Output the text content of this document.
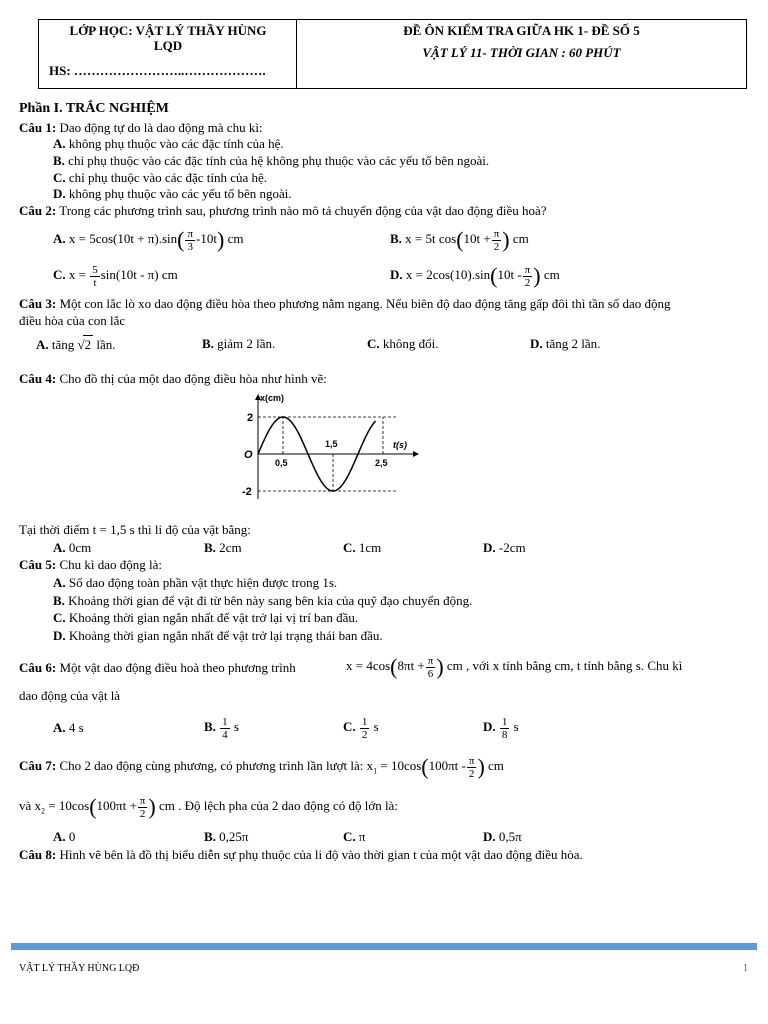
LỚP HỌC: VẬT LÝ THẦY HÙNG
LQD
HS: ……………………..……………….
ĐỀ ÔN KIỂM TRA GIỮA HK 1- ĐỀ SỐ 5
VẬT LÝ 11- THỜI GIAN : 60 PHÚT
Phần I. TRẮC NGHIỆM
Câu 1: Dao động tự do là dao động mà chu kì:
A. không phụ thuộc vào các đặc tính của hệ.
B. chỉ phụ thuộc vào các đặc tính của hệ không phụ thuộc vào các yếu tố bên ngoài.
C. chỉ phụ thuộc vào các đặc tính của hệ.
D. không phụ thuộc vào các yếu tố bên ngoài.
Câu 2: Trong các phương trình sau, phương trình nào mô tả chuyển động của vật dao động điều hoà?
A. $x = 5\cos(10t + \pi).\sin( \frac{\pi}{3} -10t)$ cm	B. x = 5t $\cos(10t + \frac{\pi}{2}$ ) cm
C. $x = \frac{5}{t} \sin(10t - \pi)$ cm	D. $x = 2\cos(10).\sin(10t - \frac{\pi}{2}$ ) cm
Câu 3: Một con lắc lò xo dao động điều hòa theo phương nằm ngang. Nếu biên độ dao động tăng gấp đôi thì tần số dao động
điều hòa của con lắc
A. tăng √2 lần.	B. giảm 2 lần.	C. không đổi.	D. tăng 2 lần.
Câu 4: Cho đồ thị của một dao động điều hòa như hình vẽ:
x(cm)
t(s)
O
2
-2
0,5
1,5
2,5
Tại thời điểm t = 1,5 s thì li độ của vật bằng:
A. 0cm	B. 2cm	C. 1cm	D. -2cm
Câu 5: Chu kì dao động là:
A. Số dao động toàn phần vật thực hiện được trong 1s.
B. Khoảng thời gian để vật đi từ bên này sang bên kia của quỹ đạo chuyển động.
C. Khoảng thời gian ngắn nhất để vật trở lại vị trí ban đầu.
D. Khoảng thời gian ngắn nhất để vật trở lại trạng thái ban đầu.
Câu 6: Một vật dao động điều hoà theo phương trình	$x = 4\cos(8\pi t + \frac{\pi}{6}$ ) cm , với x tính bằng cm, t tính bằng s. Chu kì
dao động của vật là
A. 4 s	B. $\frac{1}{4}$ s	C. $\frac{1}{2}$ s	D. $\frac{1}{8}$ s
Câu 7: Cho 2 dao động cùng phương, có phương trình lần lượt là: $x_1 = 10\cos(100\pi t - \frac{\pi}{2}$ ) cm
và $x_2 = 10\cos(100\pi t + \frac{\pi}{2}$ ) cm . Độ lệch pha của 2 dao động có độ lớn là:
A. 0	B. 0,25π	C. π	D. 0,5π
Câu 8: Hình vẽ bên là đồ thị biểu diễn sự phụ thuộc của li độ vào thời gian t của một vật dao động điều hòa.
VẬT LÝ THẦY HÙNG LQĐ	1
